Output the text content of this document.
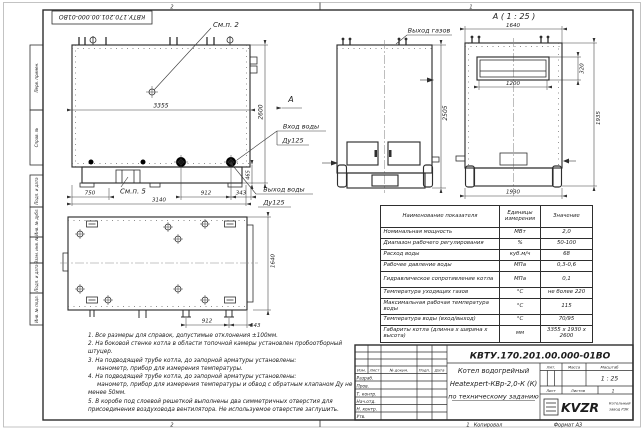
2	1
2	1 Копировал	Формат А3
КВТУ.170.201.00.000-01ВО
Перв. примен.
Справ. №
Подп. и дата
Инв. № дубл.
Взам. инв. №
Подп. и дата
Инв. № подл.
См.п. 2
3355	2600
А
Вход воды
Ду125
Выход воды
Ду125
См.п. 5
465
750
3140
912	343
Выход газов
2505
А ( 1 : 25 )
1640
1200
320
1935
1930
1640
912
343
Изм. Лист	№ докум.	Подп. Дата
Разраб.
Пров.
Т. контр.
Нач.отд.
Н. контр.
Утв.
КВТУ.170.201.00.000-01ВО
Котел водогрейный
Heatexpert-КВр-2,0-К (К)
по техническому заданию
Лит.	Масса	Масштаб
1 : 25
Лист	Листов	1
KVZR	Котельный
завод РЗК
Наименование показателя	Единицы измерения	Значение
Номинальная мощность	МВт	2,0
Диапазон рабочего регулирования	%	50-100
Расход воды	куб.м/ч	68
Рабочее давление воды	МПа	0,3-0,6
Гидравлическое сопротивление котла	МПа	0,1
Температура уходящих газов	°С	не более 220
Максимальная рабочая температура воды	°С	115
Температура воды (вход/выход)	°С	70/95
Габариты котла (длинна х ширина х высота)	мм	3355 х 1930 х 2600
1. Все размеры для справок, допустимые отклонения ±100мм.
2. На боковой стенке котла в области топочной камеры установлен пробоотборный
штуцер.
3. На подводящей трубе котла, до запорной арматуры установлены:
манометр, прибор для измерения температуры.
4. На подводящей трубе котла, до запорной арматуры установлены:
манометр, прибор для измерения температуры и обвод с обратным клапаном Ду не
менее 50мм.
5. В коробе под слоевой решеткой выполнены два симметричных отверстия для
присоединения воздуховода вентилятора. Не используемое отверстие заглушить.
